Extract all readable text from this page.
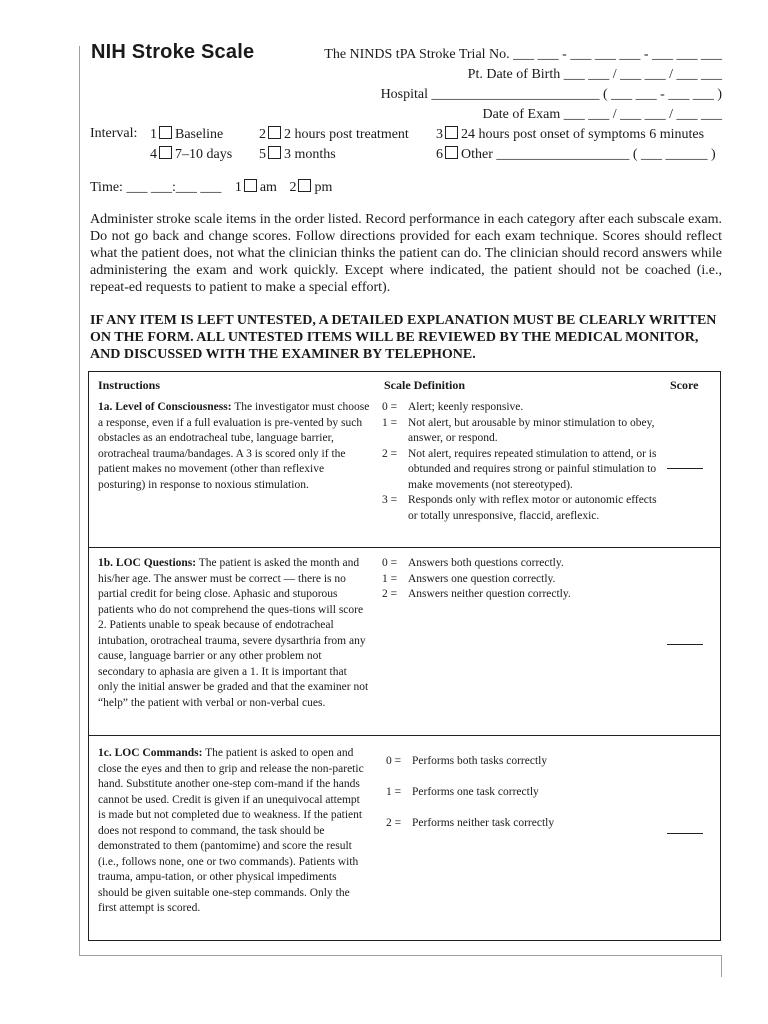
NIH Stroke Scale	The NINDS tPA Stroke Trial No. ___ ___ - ___ ___ ___ - ___ ___ ___
Pt. Date of Birth ___ ___ / ___ ___ / ___ ___
Hospital ________________________ ( ___ ___ - ___ ___ )
Date of Exam ___ ___ / ___ ___ / ___ ___
Interval: 1 Baseline	2 2 hours post treatment 3 24 hours post onset of symptoms 6 minutes
4 7–10 days 5 3 months	6 Other ___________________ ( ___ ______ )
Time: ___ ___:___ ___ 1 am 2 pm
Administer stroke scale items in the order listed. Record performance in each category after each subscale exam. Do not go back and change scores. Follow directions provided for each exam technique. Scores should reflect what the patient does, not what the clinician thinks the patient can do. The clinician should record answers while administering the exam and work quickly. Except where indicated, the patient should not be coached (i.e., repeat-ed requests to patient to make a special effort).
IF ANY ITEM IS LEFT UNTESTED, A DETAILED EXPLANATION MUST BE CLEARLY WRITTEN ON THE FORM. ALL UNTESTED ITEMS WILL BE REVIEWED BY THE MEDICAL MONITOR, AND DISCUSSED WITH THE EXAMINER BY TELEPHONE.
Instructions	Scale Definition	Score
1a. Level of Consciousness: The investigator must choose a response, even if a full evaluation is pre-vented by such obstacles as an endotracheal tube, language barrier, orotracheal trauma/bandages. A 3 is scored only if the patient makes no movement (other than reflexive posturing) in response to noxious stimulation.
0 = Alert; keenly responsive.
1 = Not alert, but arousable by minor stimulation to obey, answer, or respond.
2 = Not alert, requires repeated stimulation to attend, or is obtunded and requires strong or painful stimulation to make movements (not stereotyped).
3 = Responds only with reflex motor or autonomic effects or totally unresponsive, flaccid, areflexic.
1b. LOC Questions: The patient is asked the month and his/her age. The answer must be correct — there is no partial credit for being close. Aphasic and stuporous patients who do not comprehend the ques-tions will score 2. Patients unable to speak because of endotracheal intubation, orotracheal trauma, severe dysarthria from any cause, language barrier or any other problem not secondary to aphasia are given a 1. It is important that only the initial answer be graded and that the examiner not “help” the patient with verbal or non-verbal cues.
0 = Answers both questions correctly.
1 = Answers one question correctly.
2 = Answers neither question correctly.
1c. LOC Commands: The patient is asked to open and close the eyes and then to grip and release the non-paretic hand. Substitute another one-step com-mand if the hands cannot be used. Credit is given if an unequivocal attempt is made but not completed due to weakness. If the patient does not respond to command, the task should be demonstrated to them (pantomime) and score the result (i.e., follows none, one or two commands). Patients with trauma, ampu-tation, or other physical impediments should be given suitable one-step commands. Only the first attempt is scored.
0 = Performs both tasks correctly
1 = Performs one task correctly
2 = Performs neither task correctly
